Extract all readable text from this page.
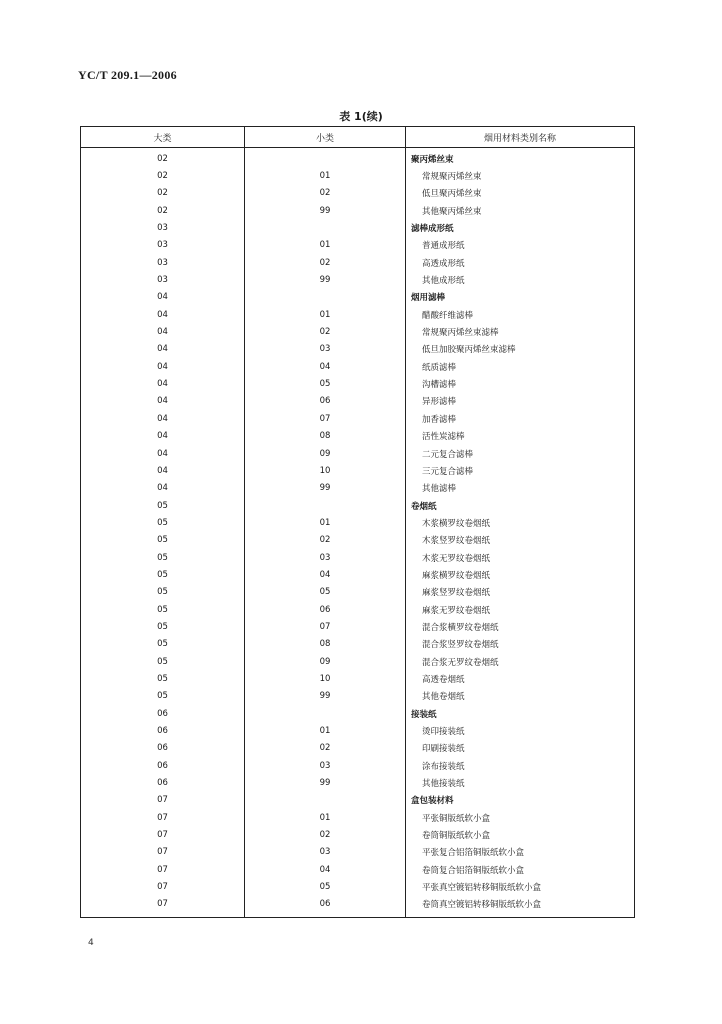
YC/T 209.1—2006
表 1(续)
大类	小类	烟用材料类别名称
02		聚丙烯丝束
02	01	常规聚丙烯丝束
02	02	低旦聚丙烯丝束
02	99	其他聚丙烯丝束
03		滤棒成形纸
03	01	普通成形纸
03	02	高透成形纸
03	99	其他成形纸
04		烟用滤棒
04	01	醋酸纤维滤棒
04	02	常规聚丙烯丝束滤棒
04	03	低旦加胶聚丙烯丝束滤棒
04	04	纸质滤棒
04	05	沟槽滤棒
04	06	异形滤棒
04	07	加香滤棒
04	08	活性炭滤棒
04	09	二元复合滤棒
04	10	三元复合滤棒
04	99	其他滤棒
05		卷烟纸
05	01	木浆横罗纹卷烟纸
05	02	木浆竖罗纹卷烟纸
05	03	木浆无罗纹卷烟纸
05	04	麻浆横罗纹卷烟纸
05	05	麻浆竖罗纹卷烟纸
05	06	麻浆无罗纹卷烟纸
05	07	混合浆横罗纹卷烟纸
05	08	混合浆竖罗纹卷烟纸
05	09	混合浆无罗纹卷烟纸
05	10	高透卷烟纸
05	99	其他卷烟纸
06		接装纸
06	01	烫印接装纸
06	02	印刷接装纸
06	03	涂布接装纸
06	99	其他接装纸
07		盒包装材料
07	01	平张铜版纸软小盒
07	02	卷筒铜版纸软小盒
07	03	平张复合铝箔铜版纸软小盒
07	04	卷筒复合铝箔铜版纸软小盒
07	05	平张真空镀铝转移铜版纸软小盒
07	06	卷筒真空镀铝转移铜版纸软小盒
4
